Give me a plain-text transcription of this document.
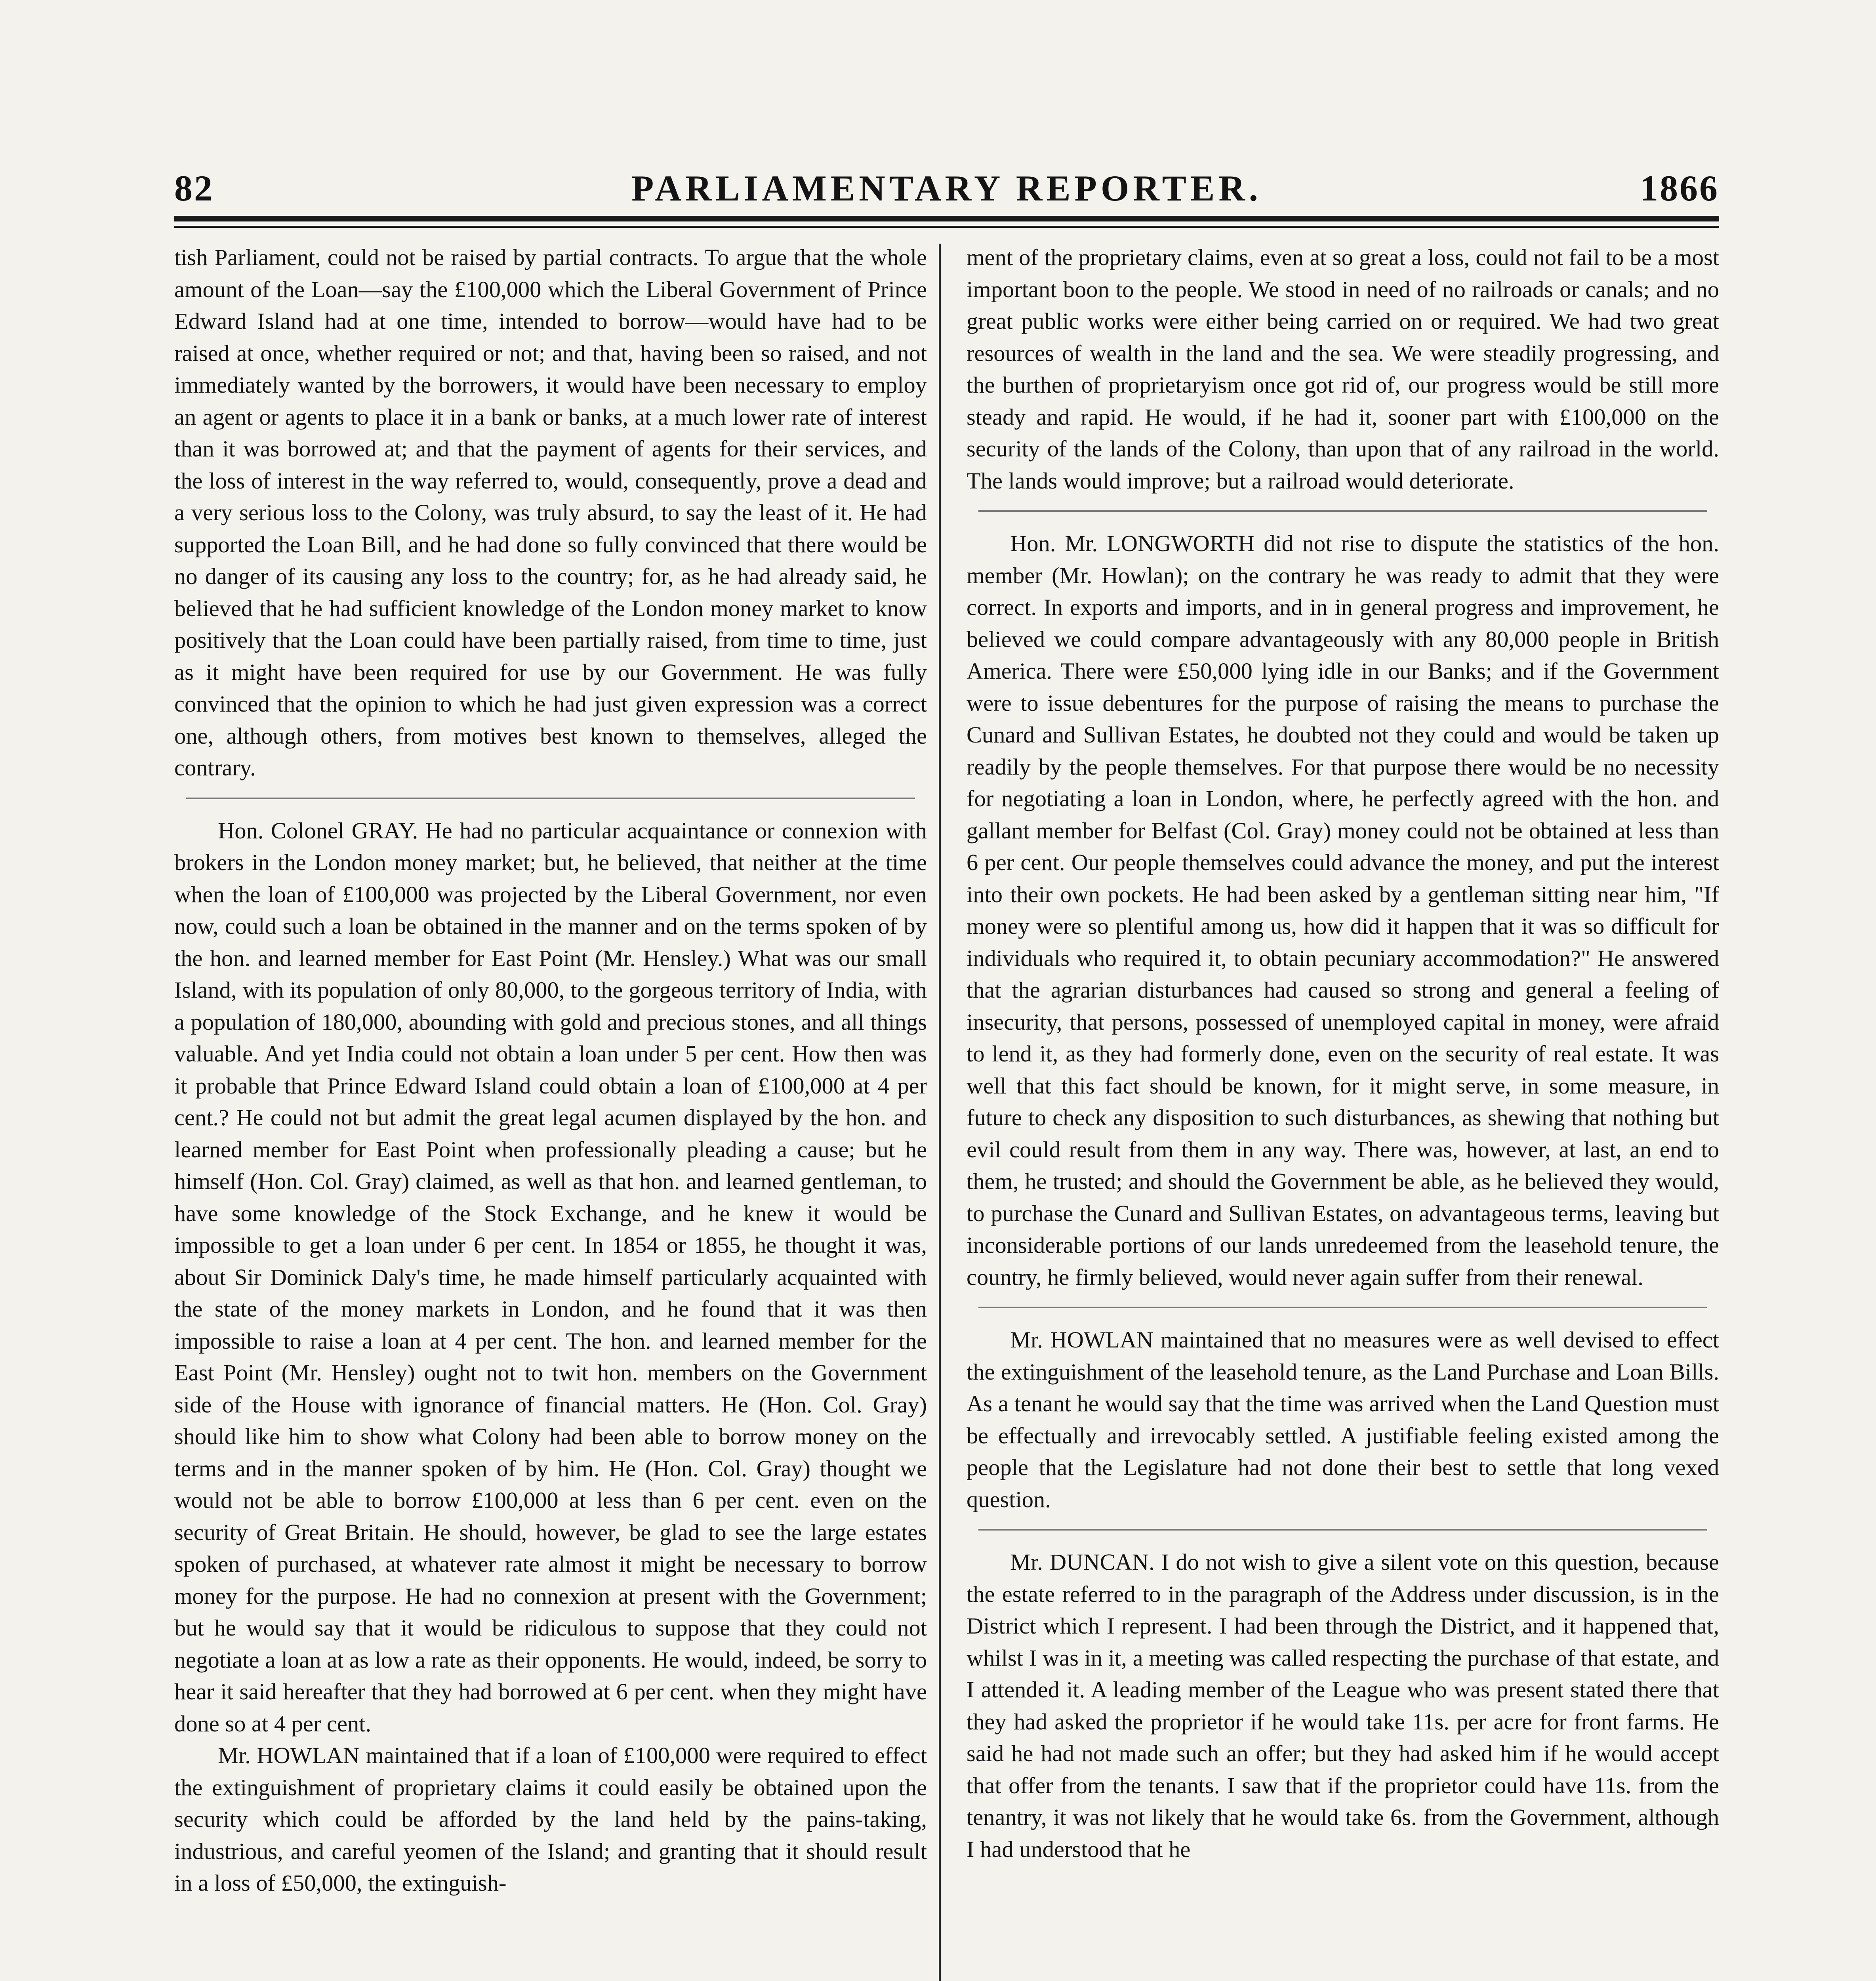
PARLIAMENTARY REPORTER.
82	1866

tish Parliament, could not be raised by partial contracts. To argue that the whole amount of the Loan—say the £100,000 which the Liberal Government of Prince Edward Island had at one time, intended to borrow—would have had to be raised at once, whether required or not; and that, having been so raised, and not immediately wanted by the borrowers, it would have been necessary to employ an agent or agents to place it in a bank or banks, at a much lower rate of interest than it was borrowed at; and that the payment of agents for their services, and the loss of interest in the way referred to, would, consequently, prove a dead and a very serious loss to the Colony, was truly absurd, to say the least of it. He had supported the Loan Bill, and he had done so fully convinced that there would be no danger of its causing any loss to the country; for, as he had already said, he believed that he had sufficient knowledge of the London money market to know positively that the Loan could have been partially raised, from time to time, just as it might have been required for use by our Government. He was fully convinced that the opinion to which he had just given expression was a correct one, although others, from motives best known to themselves, alleged the contrary.

Hon. Colonel GRAY. He had no particular acquaintance or connexion with brokers in the London money market; but, he believed, that neither at the time when the loan of £100,000 was projected by the Liberal Government, nor even now, could such a loan be obtained in the manner and on the terms spoken of by the hon. and learned member for East Point (Mr. Hensley.) What was our small Island, with its population of only 80,000, to the gorgeous territory of India, with a population of 180,000, abounding with gold and precious stones, and all things valuable. And yet India could not obtain a loan under 5 per cent. How then was it probable that Prince Edward Island could obtain a loan of £100,000 at 4 per cent.? He could not but admit the great legal acumen displayed by the hon. and learned member for East Point when professionally pleading a cause; but he himself (Hon. Col. Gray) claimed, as well as that hon. and learned gentleman, to have some knowledge of the Stock Exchange, and he knew it would be impossible to get a loan under 6 per cent. In 1854 or 1855, he thought it was, about Sir Dominick Daly's time, he made himself particularly acquainted with the state of the money markets in London, and he found that it was then impossible to raise a loan at 4 per cent. The hon. and learned member for the East Point (Mr. Hensley) ought not to twit hon. members on the Government side of the House with ignorance of financial matters. He (Hon. Col. Gray) should like him to show what Colony had been able to borrow money on the terms and in the manner spoken of by him. He (Hon. Col. Gray) thought we would not be able to borrow £100,000 at less than 6 per cent. even on the security of Great Britain. He should, however, be glad to see the large estates spoken of purchased, at whatever rate almost it might be necessary to borrow money for the purpose. He had no connexion at present with the Government; but he would say that it would be ridiculous to suppose that they could not negotiate a loan at as low a rate as their opponents. He would, indeed, be sorry to hear it said hereafter that they had borrowed at 6 per cent. when they might have done so at 4 per cent.

Mr. HOWLAN maintained that if a loan of £100,000 were required to effect the extinguishment of proprietary claims it could easily be obtained upon the security which could be afforded by the land held by the pains-taking, industrious, and careful yeomen of the Island; and granting that it should result in a loss of £50,000, the extinguish-

ment of the proprietary claims, even at so great a loss, could not fail to be a most important boon to the people. We stood in need of no railroads or canals; and no great public works were either being carried on or required. We had two great resources of wealth in the land and the sea. We were steadily progressing, and the burthen of proprietaryism once got rid of, our progress would be still more steady and rapid. He would, if he had it, sooner part with £100,000 on the security of the lands of the Colony, than upon that of any railroad in the world. The lands would improve; but a railroad would deteriorate.

Hon. Mr. LONGWORTH did not rise to dispute the statistics of the hon. member (Mr. Howlan); on the contrary he was ready to admit that they were correct. In exports and imports, and in in general progress and improvement, he believed we could compare advantageously with any 80,000 people in British America. There were £50,000 lying idle in our Banks; and if the Government were to issue debentures for the purpose of raising the means to purchase the Cunard and Sullivan Estates, he doubted not they could and would be taken up readily by the people themselves. For that purpose there would be no necessity for negotiating a loan in London, where, he perfectly agreed with the hon. and gallant member for Belfast (Col. Gray) money could not be obtained at less than 6 per cent. Our people themselves could advance the money, and put the interest into their own pockets. He had been asked by a gentleman sitting near him, "If money were so plentiful among us, how did it happen that it was so difficult for individuals who required it, to obtain pecuniary accommodation?" He answered that the agrarian disturbances had caused so strong and general a feeling of insecurity, that persons, possessed of unemployed capital in money, were afraid to lend it, as they had formerly done, even on the security of real estate. It was well that this fact should be known, for it might serve, in some measure, in future to check any disposition to such disturbances, as shewing that nothing but evil could result from them in any way. There was, however, at last, an end to them, he trusted; and should the Government be able, as he believed they would, to purchase the Cunard and Sullivan Estates, on advantageous terms, leaving but inconsiderable portions of our lands unredeemed from the leasehold tenure, the country, he firmly believed, would never again suffer from their renewal.

Mr. HOWLAN maintained that no measures were as well devised to effect the extinguishment of the leasehold tenure, as the Land Purchase and Loan Bills. As a tenant he would say that the time was arrived when the Land Question must be effectually and irrevocably settled. A justifiable feeling existed among the people that the Legislature had not done their best to settle that long vexed question.

Mr. DUNCAN. I do not wish to give a silent vote on this question, because the estate referred to in the paragraph of the Address under discussion, is in the District which I represent. I had been through the District, and it happened that, whilst I was in it, a meeting was called respecting the purchase of that estate, and I attended it. A leading member of the League who was present stated there that they had asked the proprietor if he would take 11s. per acre for front farms. He said he had not made such an offer; but they had asked him if he would accept that offer from the tenants. I saw that if the proprietor could have 11s. from the tenantry, it was not likely that he would take 6s. from the Government, although I had understood that he
